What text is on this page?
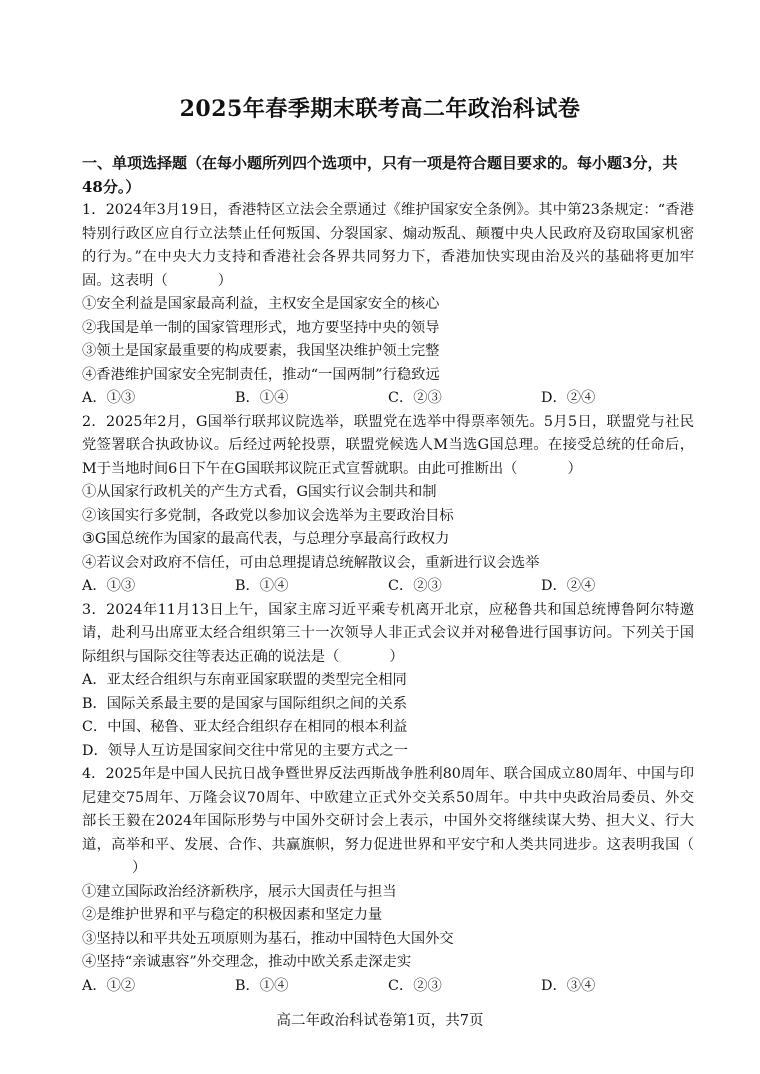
2025年春季期末联考高二年政治科试卷
一、单项选择题（在每小题所列四个选项中，只有一项是符合题目要求的。每小题3分，共48分。）
1．2024年3月19日，香港特区立法会全票通过《维护国家安全条例》。其中第23条规定：“香港特别行政区应自行立法禁止任何叛国、分裂国家、煽动叛乱、颠覆中央人民政府及窃取国家机密的行为。”在中央大力支持和香港社会各界共同努力下，香港加快实现由治及兴的基础将更加牢固。这表明（	）
①安全利益是国家最高利益，主权安全是国家安全的核心
②我国是单一制的国家管理形式，地方要坚持中央的领导
③领土是国家最重要的构成要素，我国坚决维护领土完整
④香港维护国家安全宪制责任，推动“一国两制”行稳致远
A．①③	B．①④	C．②③	D．②④
2．2025年2月，G国举行联邦议院选举，联盟党在选举中得票率领先。5月5日，联盟党与社民党签署联合执政协议。后经过两轮投票，联盟党候选人M当选G国总理。在接受总统的任命后，M于当地时间6日下午在G国联邦议院正式宣誓就职。由此可推断出（	）
①从国家行政机关的产生方式看，G国实行议会制共和制
②该国实行多党制，各政党以参加议会选举为主要政治目标
③G国总统作为国家的最高代表，与总理分享最高行政权力
④若议会对政府不信任，可由总理提请总统解散议会，重新进行议会选举
A．①③	B．①④	C．②③	D．②④
3．2024年11月13日上午，国家主席习近平乘专机离开北京，应秘鲁共和国总统博鲁阿尔特邀请，赴利马出席亚太经合组织第三十一次领导人非正式会议并对秘鲁进行国事访问。下列关于国际组织与国际交往等表达正确的说法是（	）
A．亚太经合组织与东南亚国家联盟的类型完全相同
B．国际关系最主要的是国家与国际组织之间的关系
C．中国、秘鲁、亚太经合组织存在相同的根本利益
D．领导人互访是国家间交往中常见的主要方式之一
4．2025年是中国人民抗日战争暨世界反法西斯战争胜利80周年、联合国成立80周年、中国与印尼建交75周年、万隆会议70周年、中欧建立正式外交关系50周年。中共中央政治局委员、外交部长王毅在2024年国际形势与中国外交研讨会上表示，中国外交将继续谋大势、担大义、行大道，高举和平、发展、合作、共赢旗帜，努力促进世界和平安宁和人类共同进步。这表明我国（）
①建立国际政治经济新秩序，展示大国责任与担当
②是维护世界和平与稳定的积极因素和坚定力量
③坚持以和平共处五项原则为基石，推动中国特色大国外交
④坚持“亲诚惠容”外交理念，推动中欧关系走深走实
A．①②	B．①④	C．②③	D．③④
高二年政治科试卷第1页，共7页
